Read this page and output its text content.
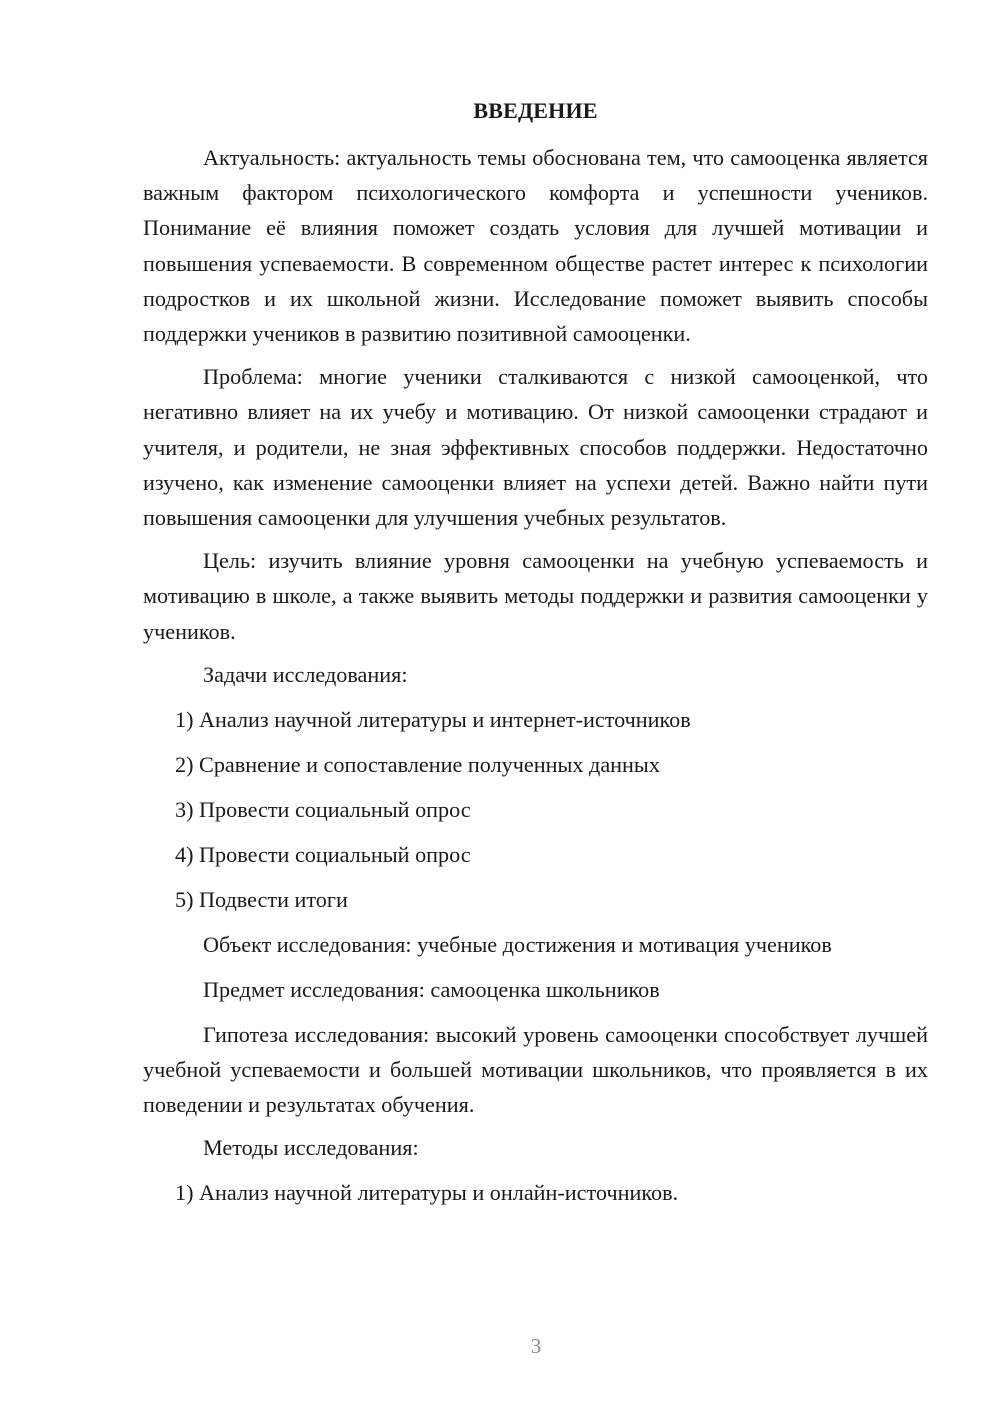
ВВЕДЕНИЕ

Актуальность: актуальность темы обоснована тем, что самооценка является важным фактором психологического комфорта и успешности учеников. Понимание её влияния поможет создать условия для лучшей мотивации и повышения успеваемости. В современном обществе растет интерес к психологии подростков и их школьной жизни. Исследование поможет выявить способы поддержки учеников в развитию позитивной самооценки.

Проблема: многие ученики сталкиваются с низкой самооценкой, что негативно влияет на их учебу и мотивацию. От низкой самооценки страдают и учителя, и родители, не зная эффективных способов поддержки. Недостаточно изучено, как изменение самооценки влияет на успехи детей. Важно найти пути повышения самооценки для улучшения учебных результатов.

Цель: изучить влияние уровня самооценки на учебную успеваемость и мотивацию в школе, а также выявить методы поддержки и развития самооценки у учеников.

Задачи исследования:
1) Анализ научной литературы и интернет-источников
2) Сравнение и сопоставление полученных данных
3) Провести социальный опрос
4) Провести социальный опрос
5) Подвести итоги
Объект исследования: учебные достижения и мотивация учеников
Предмет исследования: самооценка школьников

Гипотеза исследования: высокий уровень самооценки способствует лучшей учебной успеваемости и большей мотивации школьников, что проявляется в их поведении и результатах обучения.

Методы исследования:
1) Анализ научной литературы и онлайн-источников.
3
